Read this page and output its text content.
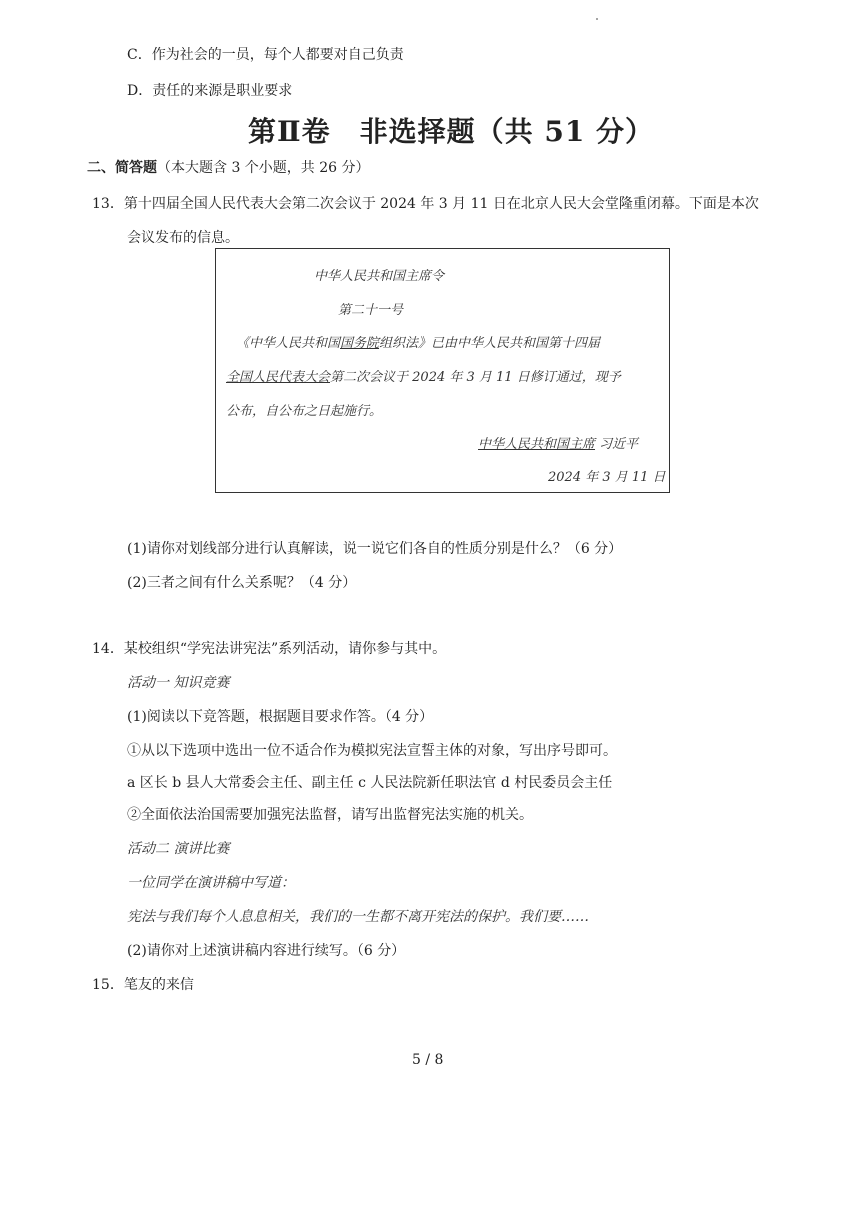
C．作为社会的一员，每个人都要对自己负责
D．责任的来源是职业要求
第Ⅱ卷　非选择题（共 51 分）
二、简答题（本大题含 3 个小题，共 26 分）
13．第十四届全国人民代表大会第二次会议于 2024 年 3 月 11 日在北京人民大会堂隆重闭幕。下面是本次
会议发布的信息。
中华人民共和国主席令
第二十一号
《中华人民共和国国务院组织法》已由中华人民共和国第十四届
全国人民代表大会第二次会议于 2024 年 3 月 11 日修订通过，现予
公布，自公布之日起施行。
中华人民共和国主席 习近平
2024 年 3 月 11 日
(1)请你对划线部分进行认真解读，说一说它们各自的性质分别是什么？（6 分）
(2)三者之间有什么关系呢？（4 分）
14．某校组织“学宪法讲宪法”系列活动，请你参与其中。
活动一 知识竞赛
(1)阅读以下竞答题，根据题目要求作答。（4 分）
①从以下选项中选出一位不适合作为模拟宪法宣誓主体的对象，写出序号即可。
a 区长 b 县人大常委会主任、副主任 c 人民法院新任职法官 d 村民委员会主任
②全面依法治国需要加强宪法监督，请写出监督宪法实施的机关。
活动二 演讲比赛
一位同学在演讲稿中写道：
宪法与我们每个人息息相关，我们的一生都不离开宪法的保护。我们要……
(2)请你对上述演讲稿内容进行续写。（6 分）
15．笔友的来信
5 / 8
